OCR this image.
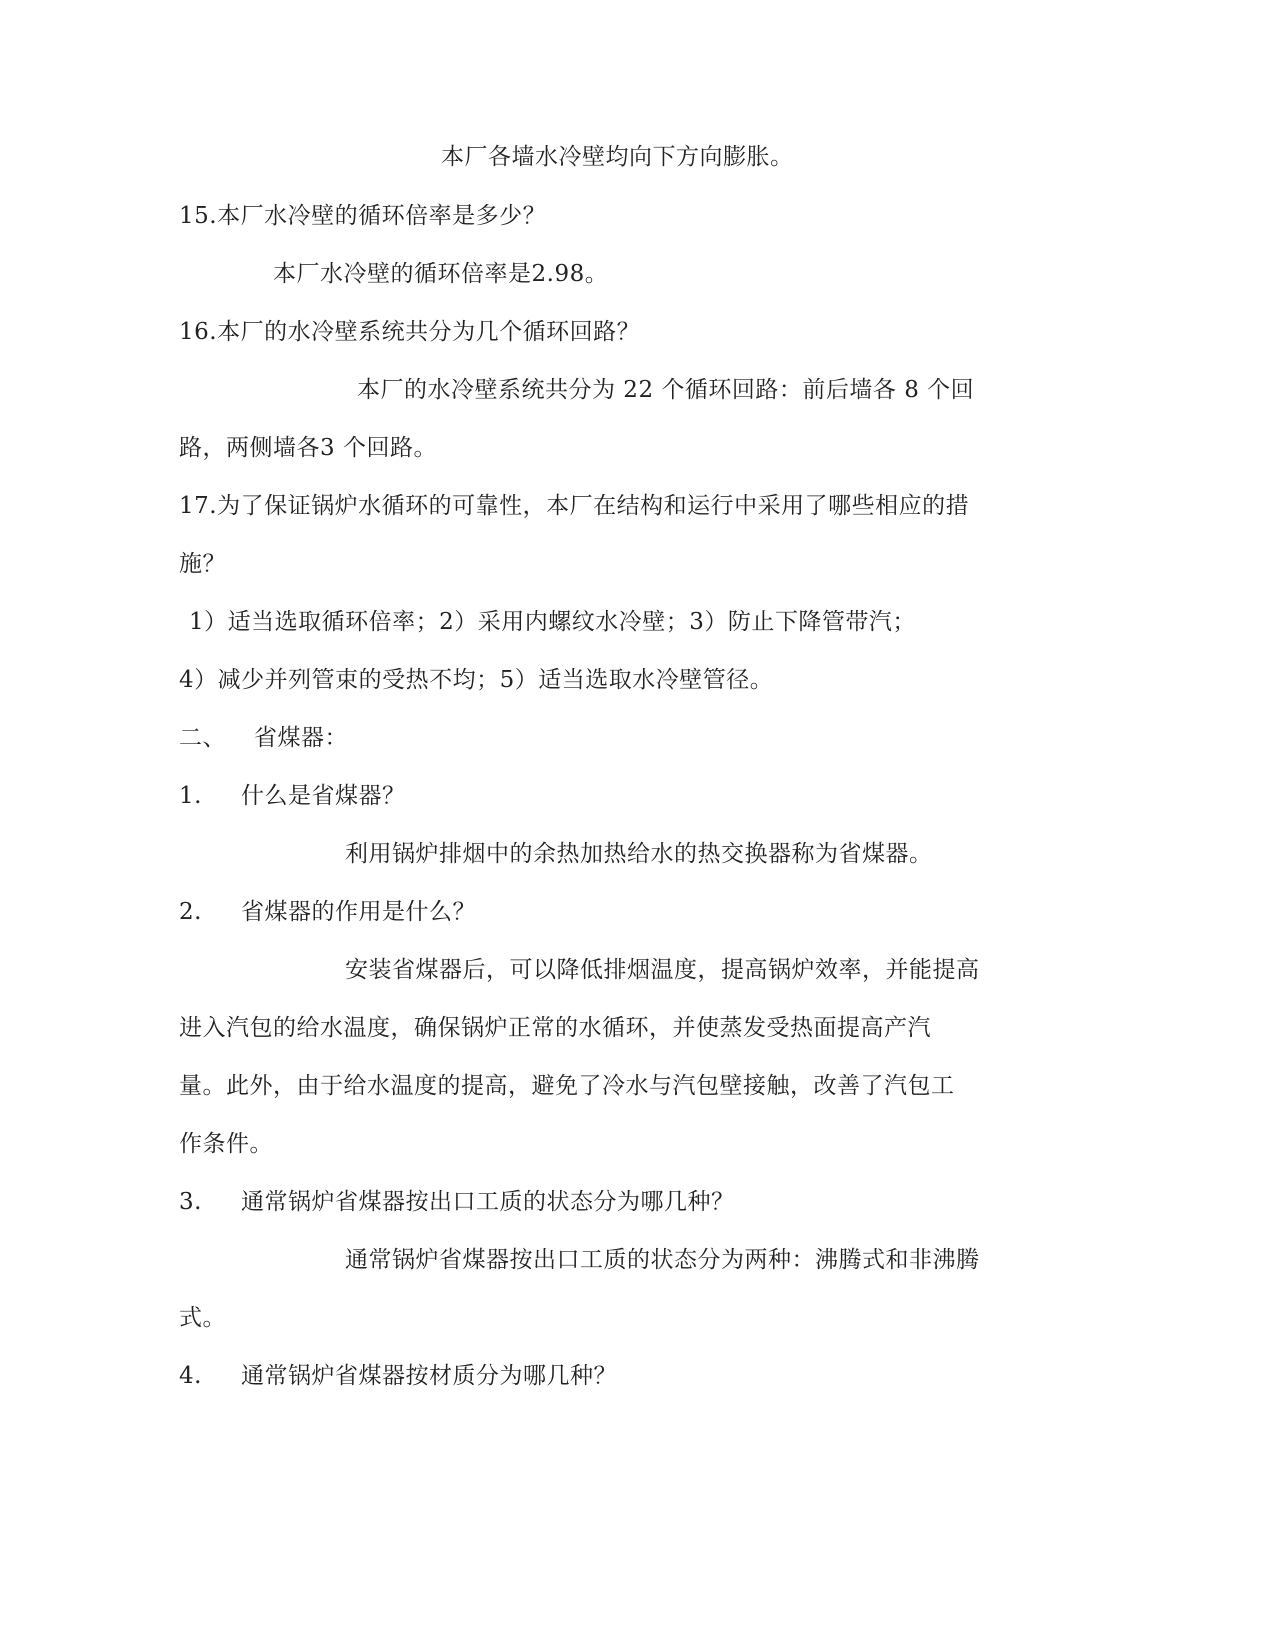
本厂各墙水冷壁均向下方向膨胀。
15.本厂水冷壁的循环倍率是多少？
本厂水冷壁的循环倍率是2.98。
16.本厂的水冷壁系统共分为几个循环回路？
本厂的水冷壁系统共分为 22 个循环回路：前后墙各 8 个回
路，两侧墙各3 个回路。
17.为了保证锅炉水循环的可靠性，本厂在结构和运行中采用了哪些相应的措
施？
1）适当选取循环倍率；2）采用内螺纹水冷壁；3）防止下降管带汽；
4）减少并列管束的受热不均；5）适当选取水冷壁管径。
二、 省煤器：
1. 什么是省煤器？
利用锅炉排烟中的余热加热给水的热交换器称为省煤器。
2. 省煤器的作用是什么？
安装省煤器后，可以降低排烟温度，提高锅炉效率，并能提高
进入汽包的给水温度，确保锅炉正常的水循环，并使蒸发受热面提高产汽
量。此外，由于给水温度的提高，避免了冷水与汽包壁接触，改善了汽包工
作条件。
3. 通常锅炉省煤器按出口工质的状态分为哪几种？
通常锅炉省煤器按出口工质的状态分为两种：沸腾式和非沸腾
式。
4. 通常锅炉省煤器按材质分为哪几种？
